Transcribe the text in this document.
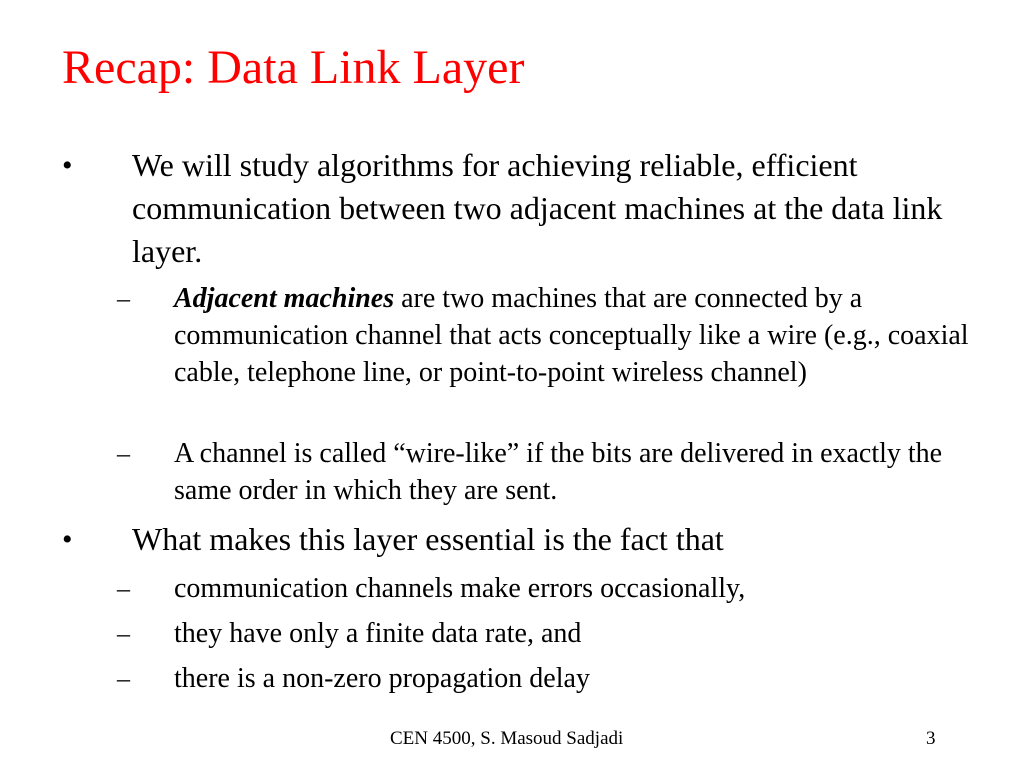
Recap: Data Link Layer

• We will study algorithms for achieving reliable, efficient communication between two adjacent machines at the data link layer.

– Adjacent machines are two machines that are connected by a communication channel that acts conceptually like a wire (e.g., coaxial cable, telephone line, or point-to-point wireless channel)

– A channel is called “wire-like” if the bits are delivered in exactly the same order in which they are sent.

• What makes this layer essential is the fact that

– communication channels make errors occasionally,

– they have only a finite data rate, and

– there is a non-zero propagation delay

CEN 4500, S. Masoud Sadjadi	3
